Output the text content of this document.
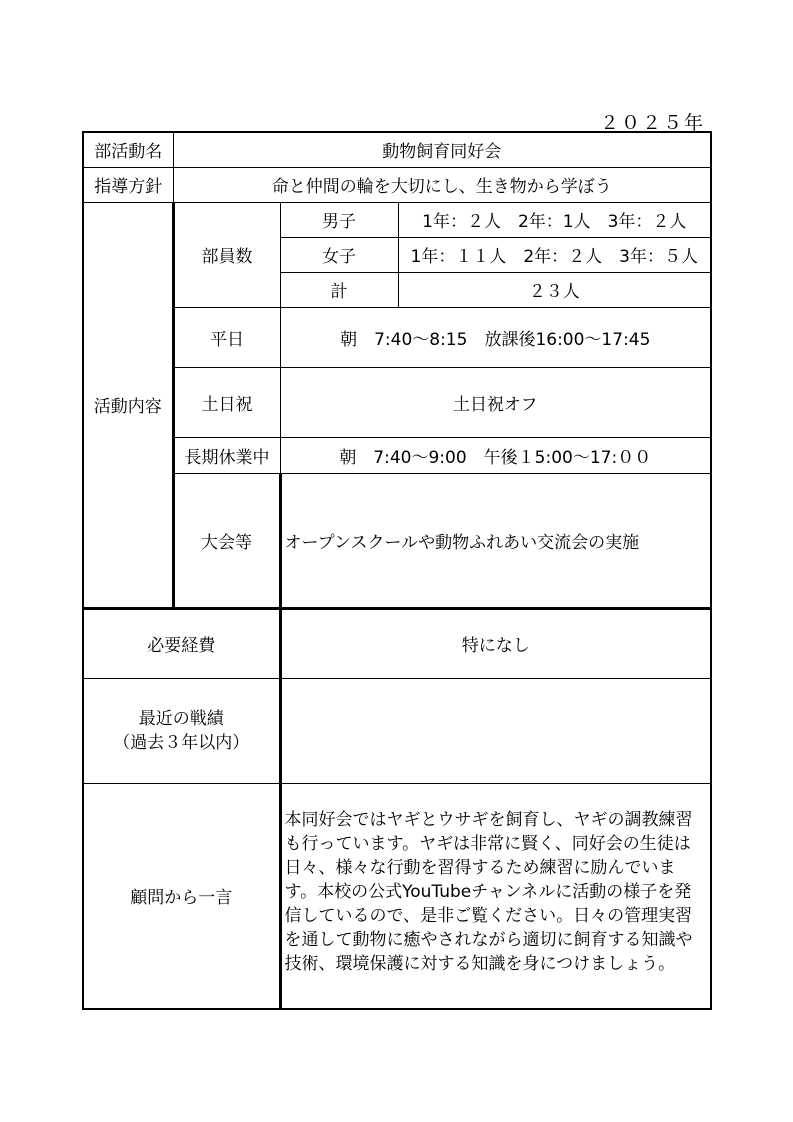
２０２５年
部活動名	動物飼育同好会		
指導方針	命と仲間の輪を大切にし、生き物から学ぼう		
活動内容	部員数	男子	1年：２人　2年：1人　3年：２人
		女子	1年：１１人　2年：２人　3年：５人
		計	２３人
	平日	朝　7:40～8:15　放課後16:00～17:45	
	土日祝	土日祝オフ	
	長期休業中	朝　7:40～9:00　午後１5:00～17:００	
	大会等	オープンスクールや動物ふれあい交流会の実施	
必要経費		特になし	

最近の戦績
（過去３年以内）			

顧問から一言		本同好会ではヤギとウサギを飼育し、ヤギの調教練習も行っています。ヤギは非常に賢く、同好会の生徒は日々、様々な行動を習得するため練習に励んでいます。本校の公式YouTubeチャンネルに活動の様子を発信しているので、是非ご覧ください。日々の管理実習を通して動物に癒やされながら適切に飼育する知識や技術、環境保護に対する知識を身につけましょう。	
